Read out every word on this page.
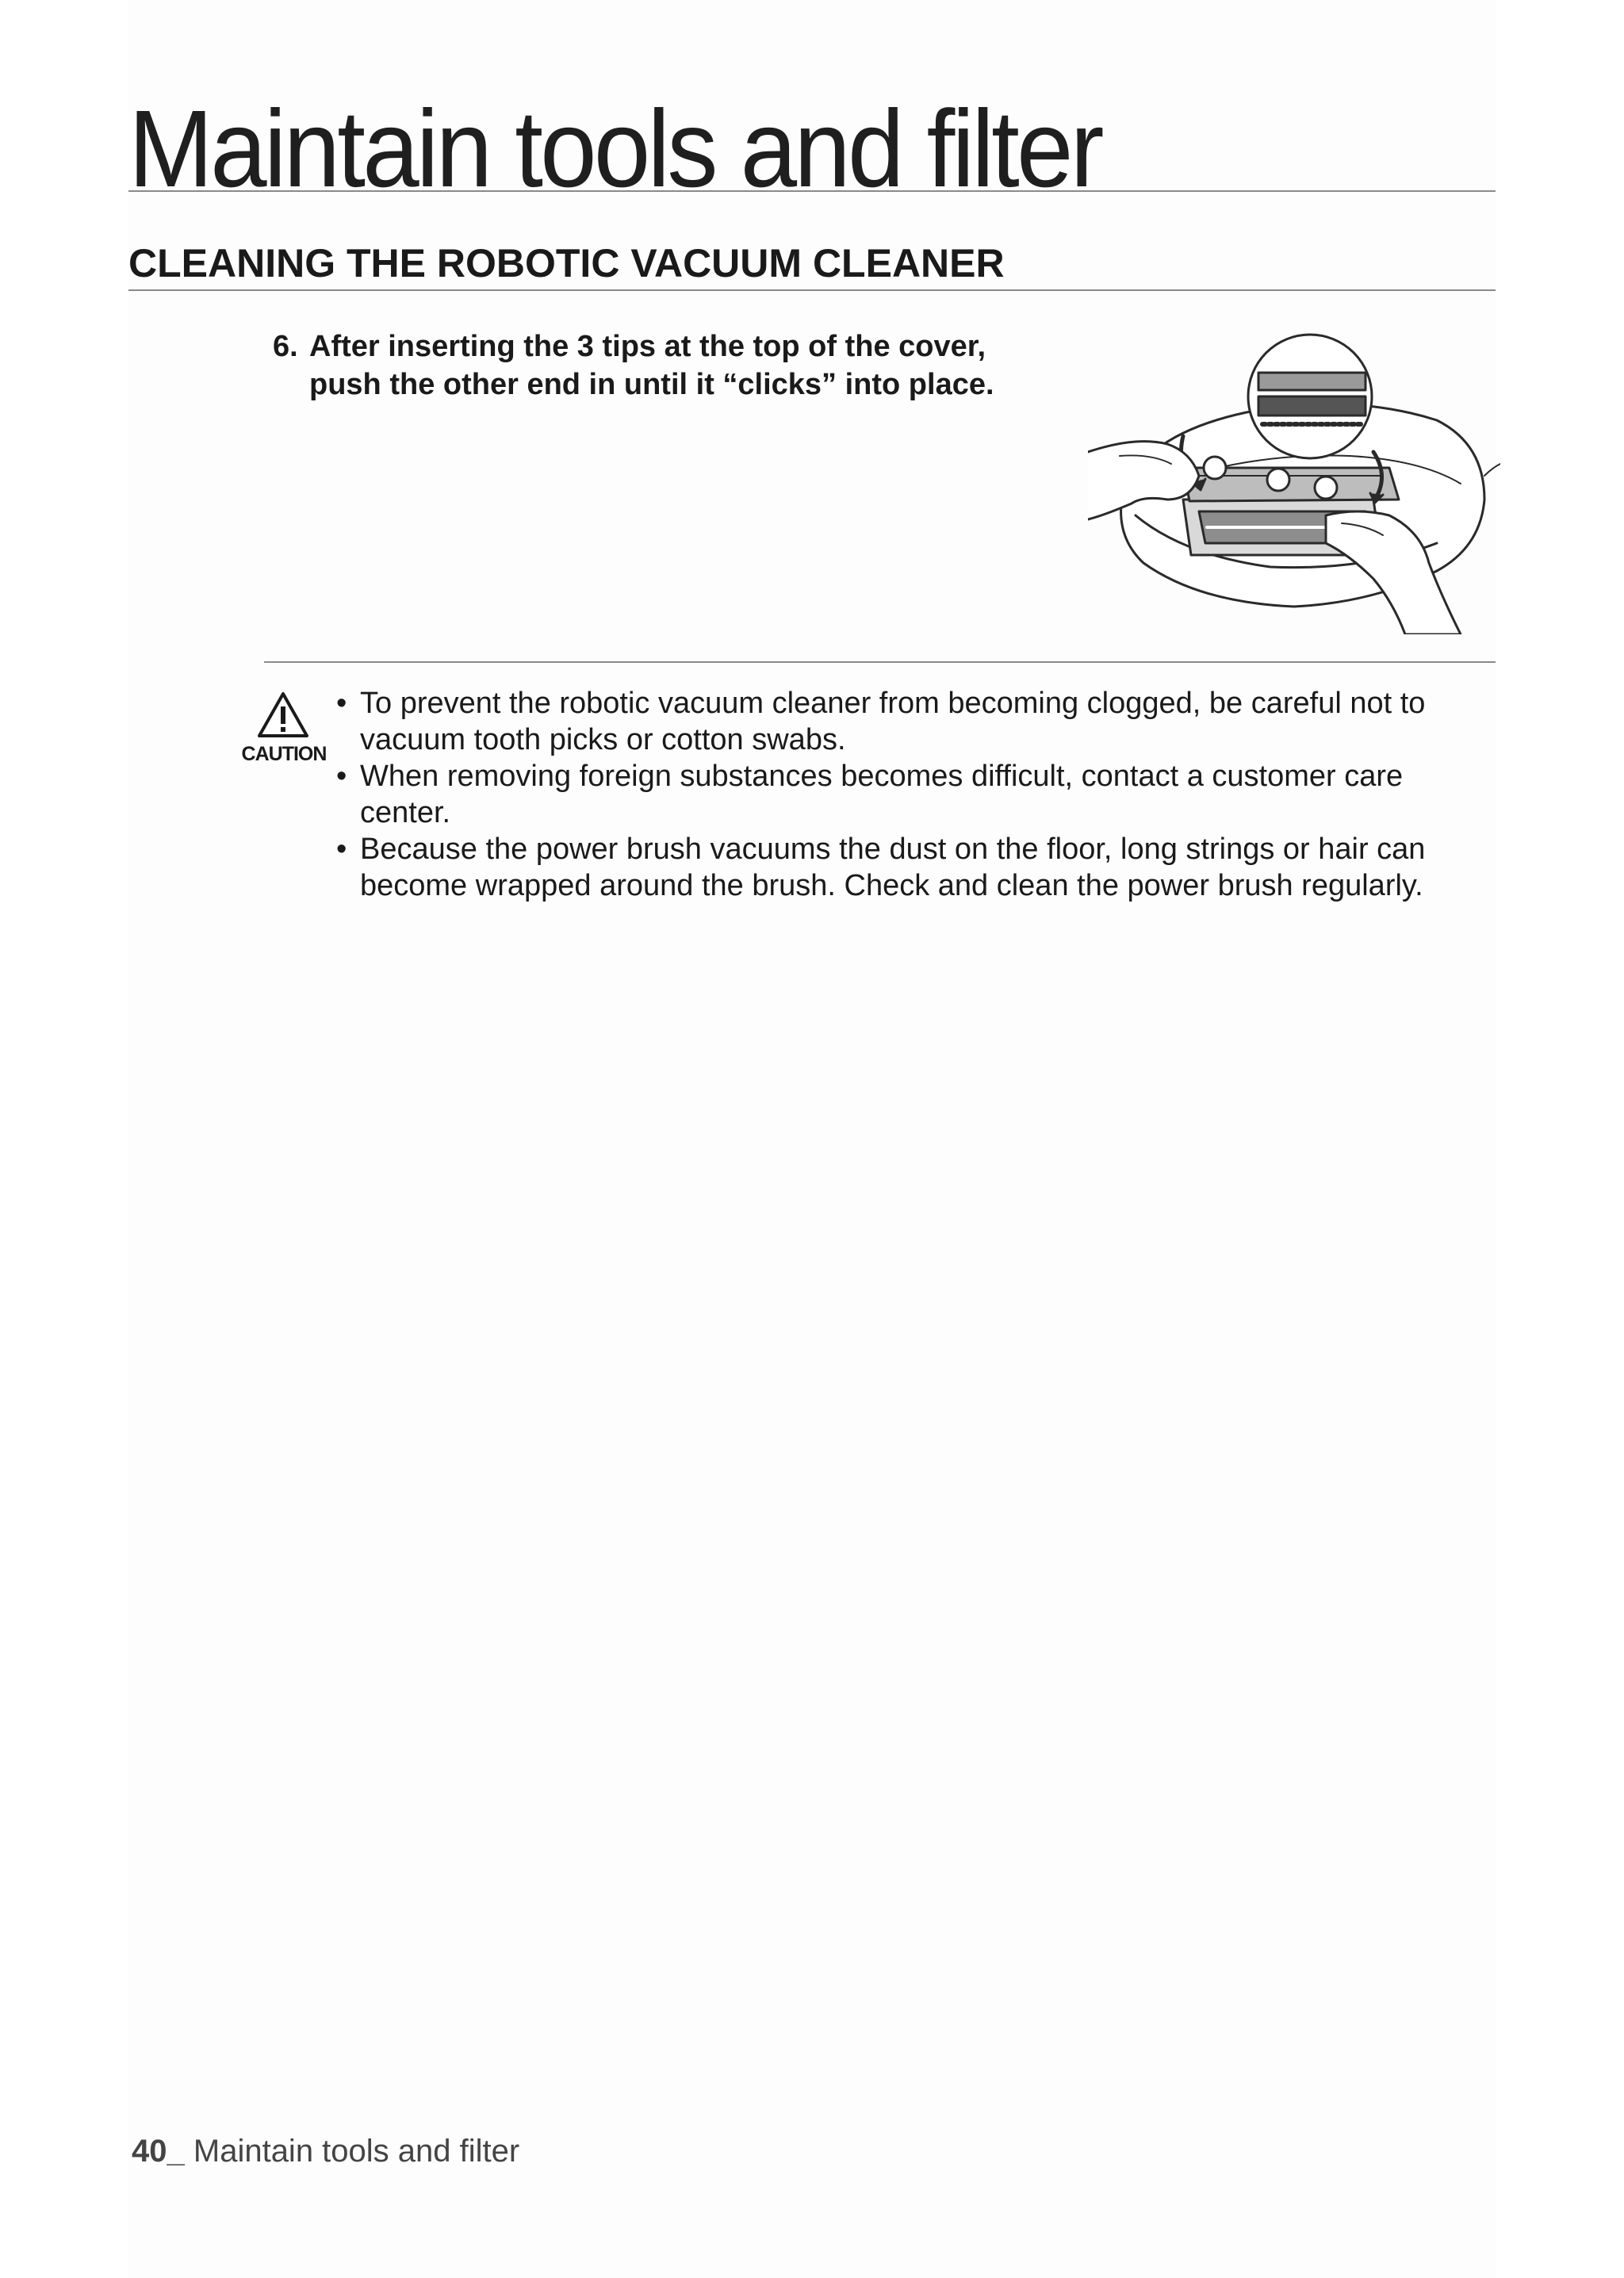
Maintain tools and filter
CLEANING THE ROBOTIC VACUUM CLEANER
6. After inserting the 3 tips at the top of the cover,
push the other end in until it “clicks” into place.
CAUTION
• To prevent the robotic vacuum cleaner from becoming clogged, be careful not to vacuum tooth picks or cotton swabs.
• When removing foreign substances becomes difficult, contact a customer care center.
• Because the power brush vacuums the dust on the floor, long strings or hair can become wrapped around the brush. Check and clean the power brush regularly.
40_ Maintain tools and filter
